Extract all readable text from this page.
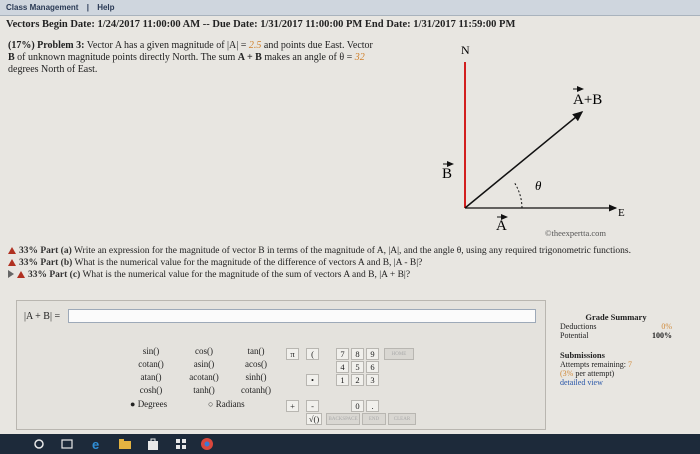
Class Management | Help
Vectors Begin Date: 1/24/2017 11:00:00 AM -- Due Date: 1/31/2017 11:00:00 PM End Date: 1/31/2017 11:59:00 PM
(17%) Problem 3: Vector A has a given magnitude of |A| = 2.5 and points due East. Vector B of unknown magnitude points directly North. The sum A + B makes an angle of θ = 32 degrees North of East.
N
E
A+B
B
A
θ
©theexpertta.com
33% Part (a) Write an expression for the magnitude of vector B in terms of the magnitude of A, |A|, and the angle θ, using any required trigonometric functions.
33% Part (b) What is the numerical value for the magnitude of the difference of vectors A and B, |A - B|?
33% Part (c) What is the numerical value for the magnitude of the sum of vectors A and B, |A + B|?
|A + B| =
sin()	cos()	tan()
cotan()	asin()	acos()
atan()	acotan()	sinh()
cosh()	tanh()	cotanh()
● Degrees	○ Radians
π	(
•
+	-
√()
7	8	9
4	5	6
1	2	3
0	.
HOME
BACKSPACE	END	CLEAR
Grade Summary
Deductions	0%
Potential	100%
Submissions
Attempts remaining: 7
(3% per attempt)
detailed view
e
